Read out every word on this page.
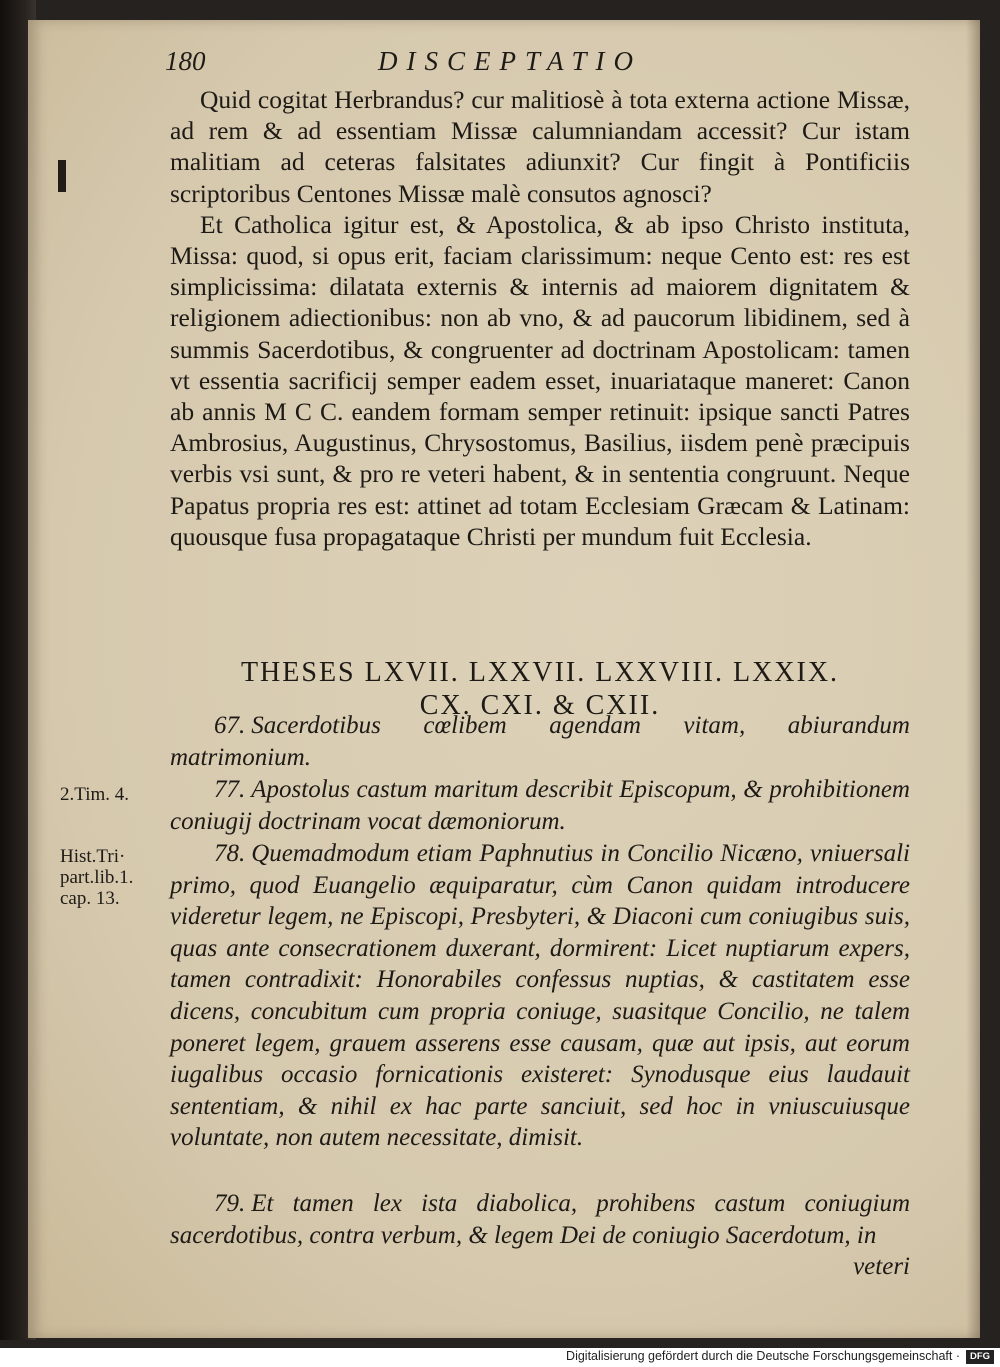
180	DISCEPTATIO

Quid cogitat Herbrandus? cur malitiosè à tota externa actione Missæ, ad rem & ad essentiam Missæ calumniandam accessit? Cur istam malitiam ad ceteras falsitates adiunxit? Cur fingit à Pontificiis scriptoribus Centones Missæ malè consutos agnosci?

Et Catholica igitur est, & Apostolica, & ab ipso Christo instituta, Missa: quod, si opus erit, faciam clarissimum: neque Cento est: res est simplicissima: dilatata externis & internis ad maiorem dignitatem & religionem adiectionibus: non ab vno, & ad paucorum libidinem, sed à summis Sacerdotibus, & congruenter ad doctrinam Apostolicam: tamen vt essentia sacrificij semper eadem esset, inuariataque maneret: Canon ab annis M C C. eandem formam semper retinuit: ipsique sancti Patres Ambrosius, Augustinus, Chrysostomus, Basilius, iisdem penè præcipuis verbis vsi sunt, & pro re veteri habent, & in sententia congruunt. Neque Papatus propria res est: attinet ad totam Ecclesiam Græcam & Latinam: quousque fusa propagataque Christi per mundum fuit Ecclesia.

THESES LXVII. LXXVII. LXXVIII. LXXIX.
CX. CXI. & CXII.
67. Sacerdotibus cœlibem agendam vitam, abiurandum matrimonium.
77. Apostolus castum maritum describit Episcopum, & prohibitionem coniugij doctrinam vocat dæmoniorum.
78. Quemadmodum etiam Paphnutius in Concilio Nicæno, vniuersali primo, quod Euangelio æquiparatur, cùm Canon quidam introducere videretur legem, ne Episcopi, Presbyteri, & Diaconi cum coniugibus suis, quas ante consecrationem duxerant, dormirent: Licet nuptiarum expers, tamen contradixit: Honorabiles confessus nuptias, & castitatem esse dicens, concubitum cum propria coniuge, suasitque Concilio, ne talem poneret legem, grauem asserens esse causam, quæ aut ipsis, aut eorum iugalibus occasio fornicationis existeret: Synodusque eius laudauit sententiam, & nihil ex hac parte sanciuit, sed hoc in vniuscuiusque voluntate, non autem necessitate, dimisit.
79. Et tamen lex ista diabolica, prohibens castum coniugium sacerdotibus, contra verbum, & legem Dei de coniugio Sacerdotum, in
veteri
2.Tim. 4.
Hist.Tri·
part.lib.1.
cap. 13.
Digitalisierung gefördert durch die Deutsche Forschungsgemeinschaft ·	DFG
